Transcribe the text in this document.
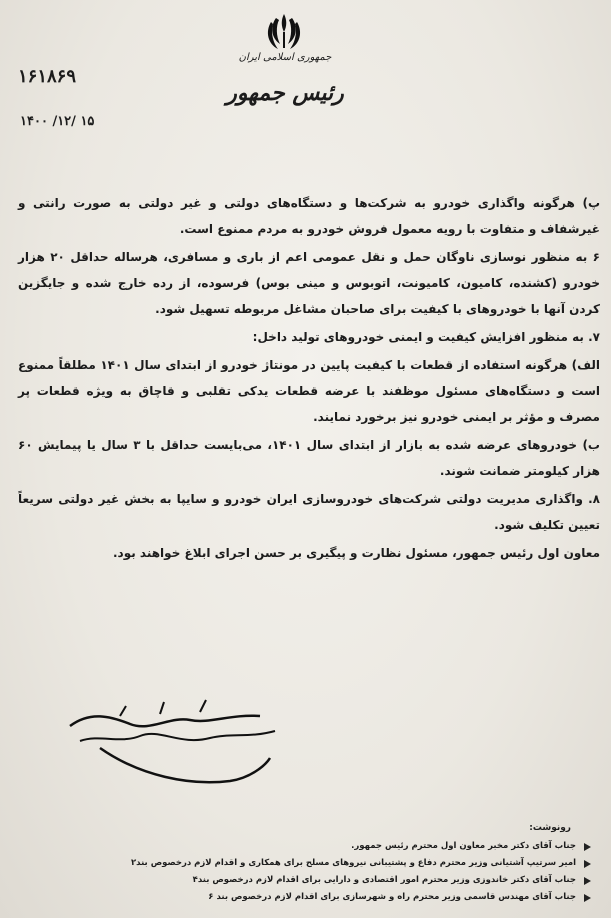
جمهوری اسلامی ایران
رئیس جمهور
۱۶۱۸۶۹
۱۴۰۰ /۱۲/ ۱۵

پ) هرگونه واگذاری خودرو به شرکت‌ها و دستگاه‌های دولتی و غیر دولتی به صورت رانتی و غیرشفاف و متفاوت با رویه معمول فروش خودرو به مردم ممنوع است.

۶ به منظور نوسازی ناوگان حمل و نقل عمومی اعم از باری و مسافری، هرساله حداقل ۲۰ هزار خودرو (کشنده، کامیون، کامیونت، اتوبوس و مینی بوس) فرسوده، از رده خارج شده و جایگزین کردن آنها با خودروهای با کیفیت برای صاحبان مشاغل مربوطه تسهیل شود.

۷. به منظور افزایش کیفیت و ایمنی خودروهای تولید داخل:

الف) هرگونه استفاده از قطعات با کیفیت پایین در مونتاژ خودرو از ابتدای سال ۱۴۰۱ مطلقاً ممنوع است و دستگاه‌های مسئول موظفند با عرضه قطعات یدکی تقلبی و قاچاق به ویژه قطعات پر مصرف و مؤثر بر ایمنی خودرو نیز برخورد نمایند.

ب) خودروهای عرضه شده به بازار از ابتدای سال ۱۴۰۱، می‌بایست حداقل با ۳ سال یا پیمایش ۶۰ هزار کیلومتر ضمانت شوند.

۸. واگذاری مدیریت دولتی شرکت‌های خودروسازی ایران خودرو و سایپا به بخش غیر دولتی سریعاً تعیین تکلیف شود.

معاون اول رئیس جمهور، مسئول نظارت و پیگیری بر حسن اجرای ابلاغ خواهند بود.

رونوشت:
جناب آقای دکتر مخبر معاون اول محترم رئیس جمهور.
امیر سرتیپ آشتیانی وزیر محترم دفاع و پشتیبانی نیروهای مسلح برای همکاری و اقدام لازم درخصوص بند۲
جناب آقای دکتر خاندوزی وزیر محترم امور اقتصادی و دارایی برای اقدام لازم درخصوص بند۴
جناب آقای مهندس قاسمی وزیر محترم راه و شهرسازی برای اقدام لازم درخصوص بند ۶
